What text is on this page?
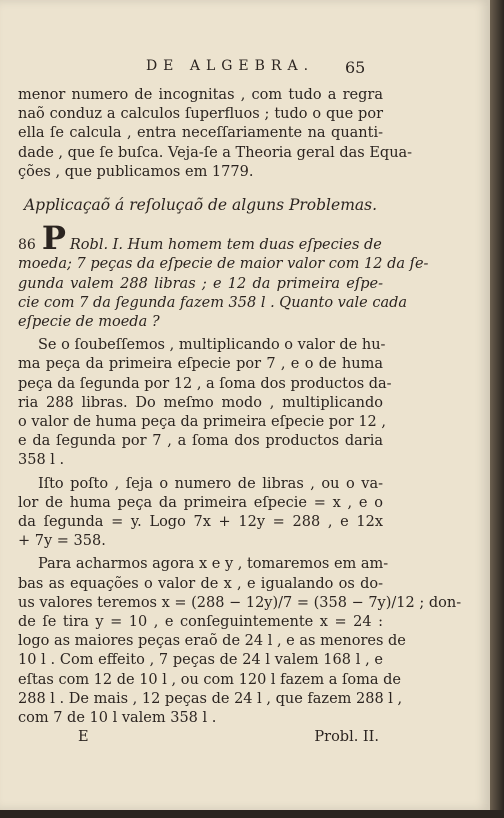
DE ALGEBRA.	65
menor numero de incognitas , com tudo a regra
naõ conduz a calculos ſuperfluos ; tudo o que por
ella ſe calcula , entra neceſſariamente na quanti-
dade , que ſe buſca. Veja-ſe a Theoria geral das Equa-
ções , que publicamos em 1779.
Applicaçaõ á reſoluçaõ de alguns Problemas.
86 P Robl. I. Hum homem tem duas eſpecies de
moeda; 7 peças da eſpecie de maior valor com 12 da ſe-
gunda valem 288 libras ; e 12 da primeira eſpe-
cie com 7 da ſegunda fazem 358 l . Quanto vale cada
eſpecie de moeda ?
Se o ſoubeſſemos , multiplicando o valor de hu-
ma peça da primeira eſpecie por 7 , e o de huma
peça da ſegunda por 12 , a ſoma dos productos da-
ria 288 libras. Do meſmo modo , multiplicando
o valor de huma peça da primeira eſpecie por 12 ,
e da ſegunda por 7 , a ſoma dos productos daria
358 l .
Iſto poſto , ſeja o numero de libras , ou o va-
lor de huma peça da primeira eſpecie = x , e o
da ſegunda = y. Logo 7x + 12y = 288 , e 12x
+ 7y = 358.
Para acharmos agora x e y , tomaremos em am-
bas as equações o valor de x , e igualando os do-
us valores teremos x = (288 − 12y)/7 = (358 − 7y)/12 ; don-
de ſe tira y = 10 , e conſeguintemente x = 24 :
logo as maiores peças eraõ de 24 l , e as menores de
10 l . Com effeito , 7 peças de 24 l valem 168 l , e
eſtas com 12 de 10 l , ou com 120 l fazem a ſoma de
288 l . De mais , 12 peças de 24 l , que fazem 288 l ,
com 7 de 10 l valem 358 l .
E	Probl. II.
